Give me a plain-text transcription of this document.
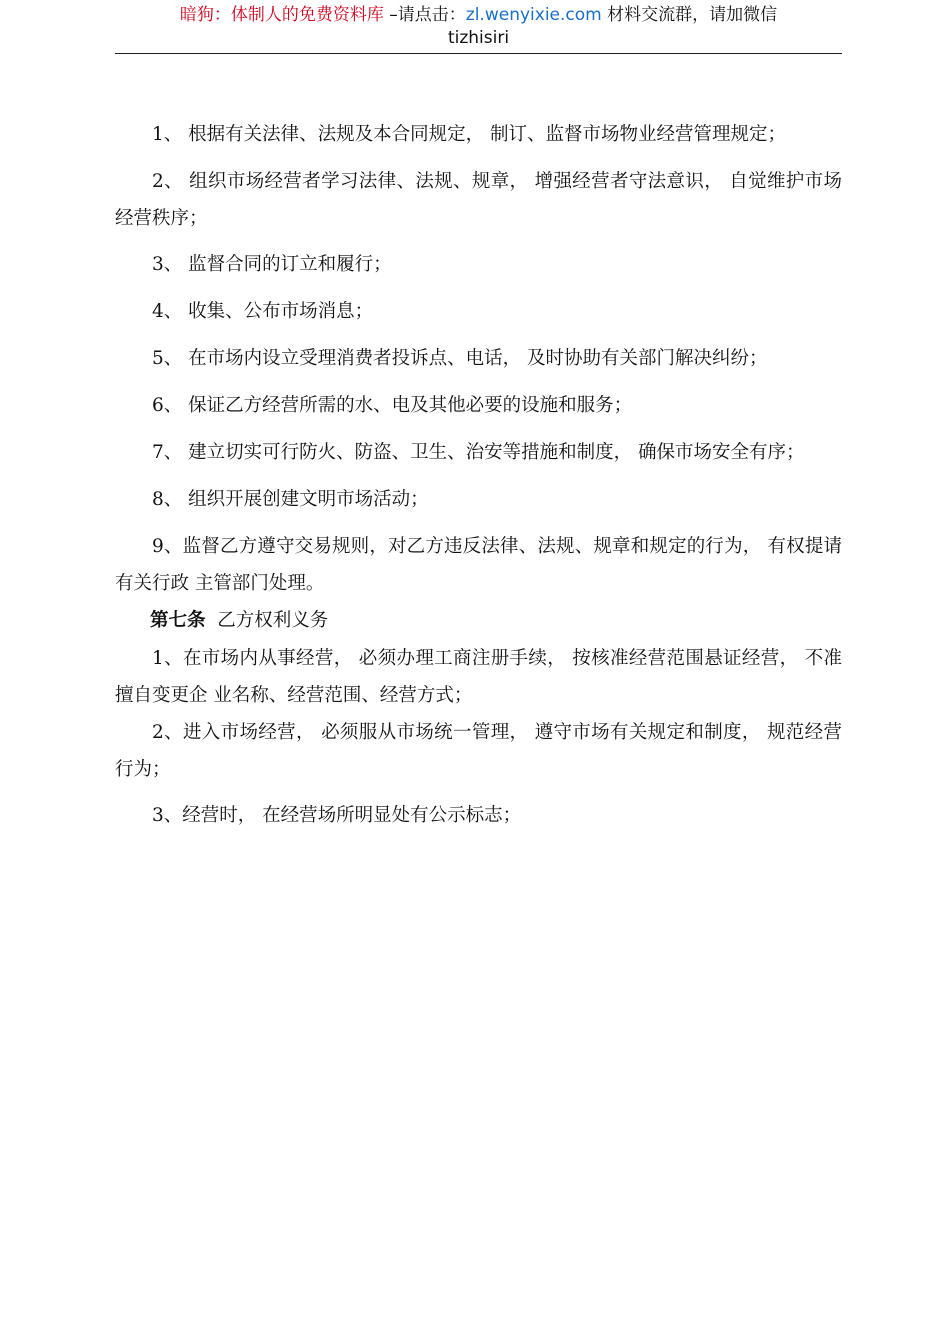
暗狗：体制人的免费资料库 –请点击：zl.wenyixie.com 材料交流群，请加微信
tizhisiri

1、 根据有关法律、法规及本合同规定， 制订、监督市场物业经营管理规定；

2、 组织市场经营者学习法律、法规、规章， 增强经营者守法意识， 自觉维护市场经营秩序；

3、 监督合同的订立和履行；

4、 收集、公布市场消息；

5、 在市场内设立受理消费者投诉点、电话， 及时协助有关部门解决纠纷；

6、 保证乙方经营所需的水、电及其他必要的设施和服务；

7、 建立切实可行防火、防盗、卫生、治安等措施和制度， 确保市场安全有序；

8、 组织开展创建文明市场活动；

9、监督乙方遵守交易规则，对乙方违反法律、法规、规章和规定的行为， 有权提请有关行政 主管部门处理。

第七条 乙方权利义务

1、在市场内从事经营， 必须办理工商注册手续， 按核准经营范围悬证经营， 不准擅自变更企 业名称、经营范围、经营方式；

2、进入市场经营， 必须服从市场统一管理， 遵守市场有关规定和制度， 规范经营行为；

3、经营时， 在经营场所明显处有公示标志；
